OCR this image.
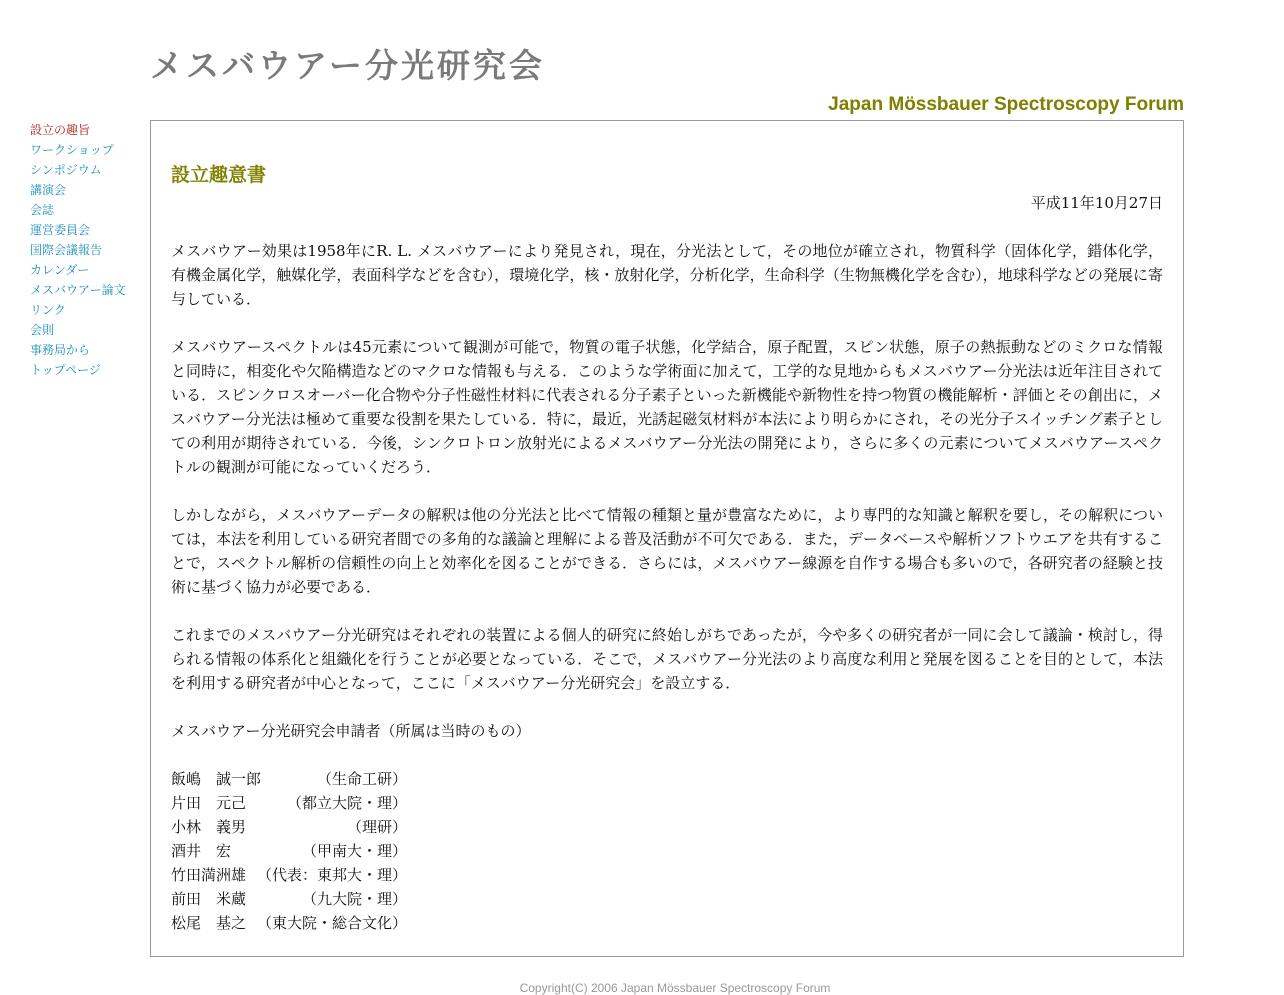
メスバウアー分光研究会
Japan Mössbauer Spectroscopy Forum
設立の趣旨
ワークショップ
シンポジウム
講演会
会誌
運営委員会
国際会議報告
カレンダー
メスバウアー論文
リンク
会則
事務局から
トップページ
設立趣意書
平成11年10月27日

メスバウアー効果は1958年にR. L. メスバウアーにより発見され，現在，分光法として，その地位が確立され，物質科学（固体化学，錯体化学，有機金属化学，触媒化学，表面科学などを含む），環境化学，核・放射化学，分析化学，生命科学（生物無機化学を含む），地球科学などの発展に寄与している．

メスバウアースペクトルは45元素について観測が可能で，物質の電子状態，化学結合，原子配置，スピン状態，原子の熱振動などのミクロな情報と同時に，相変化や欠陥構造などのマクロな情報も与える．このような学術面に加えて，工学的な見地からもメスバウアー分光法は近年注目されている．スピンクロスオーバー化合物や分子性磁性材料に代表される分子素子といった新機能や新物性を持つ物質の機能解析・評価とその創出に，メスバウアー分光法は極めて重要な役割を果たしている．特に，最近，光誘起磁気材料が本法により明らかにされ，その光分子スイッチング素子としての利用が期待されている．今後，シンクロトロン放射光によるメスバウアー分光法の開発により，さらに多くの元素についてメスバウアースペクトルの観測が可能になっていくだろう．

しかしながら，メスバウアーデータの解釈は他の分光法と比べて情報の種類と量が豊富なために，より専門的な知識と解釈を要し，その解釈については，本法を利用している研究者間での多角的な議論と理解による普及活動が不可欠である．また，データベースや解析ソフトウエアを共有することで，スペクトル解析の信頼性の向上と効率化を図ることができる．さらには，メスバウアー線源を自作する場合も多いので，各研究者の経験と技術に基づく協力が必要である．

これまでのメスバウアー分光研究はそれぞれの装置による個人的研究に終始しがちであったが，今や多くの研究者が一同に会して議論・検討し，得られる情報の体系化と組織化を行うことが必要となっている．そこで，メスバウアー分光法のより高度な利用と発展を図ることを目的として，本法を利用する研究者が中心となって，ここに「メスバウアー分光研究会」を設立する．

メスバウアー分光研究会申請者（所属は当時のもの）
飯嶋　誠一郎	（生命工研）
片田　元己	（都立大院・理）
小林　義男	（理研）
酒井　宏	（甲南大・理）
竹田満洲雄 （代表：東邦大・理）
前田　米蔵	（九大院・理）
松尾　基之 （東大院・総合文化）
Copyright(C) 2006 Japan Mössbauer Spectroscopy Forum
